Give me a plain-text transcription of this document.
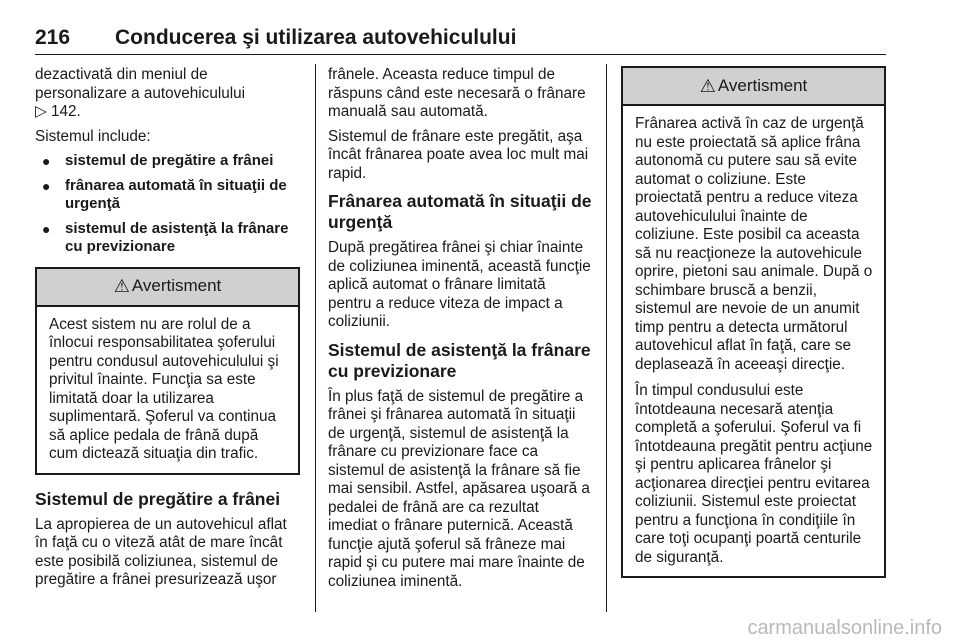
216 Conducerea şi utilizarea autovehiculului

dezactivată din meniul de personalizare a autovehiculului
▷ 142.

Sistemul include:

● sistemul de pregătire a frânei
● frânarea automată în situaţii de urgenţă
● sistemul de asistenţă la frânare cu previzionare
⚠ Avertisment

Acest sistem nu are rolul de a înlocui responsabilitatea şoferului pentru condusul autovehiculului şi privitul înainte. Funcţia sa este limitată doar la utilizarea suplimentară. Şoferul va continua să aplice pedala de frână după cum dictează situaţia din trafic.

Sistemul de pregătire a frânei

La apropierea de un autovehicul aflat în faţă cu o viteză atât de mare încât este posibilă coliziunea, sistemul de pregătire a frânei presurizează uşor

frânele. Aceasta reduce timpul de răspuns când este necesară o frânare manuală sau automată.

Sistemul de frânare este pregătit, aşa încât frânarea poate avea loc mult mai rapid.

Frânarea automată în situaţii de urgenţă

După pregătirea frânei şi chiar înainte de coliziunea iminentă, această funcţie aplică automat o frânare limitată pentru a reduce viteza de impact a coliziunii.

Sistemul de asistenţă la frânare cu previzionare

În plus faţă de sistemul de pregătire a frânei şi frânarea automată în situaţii de urgenţă, sistemul de asistenţă la frânare cu previzionare face ca sistemul de asistenţă la frânare să fie mai sensibil. Astfel, apăsarea uşoară a pedalei de frână are ca rezultat imediat o frânare puternică. Această funcţie ajută şoferul să frâneze mai rapid şi cu putere mai mare înainte de coliziunea iminentă.

⚠ Avertisment

Frânarea activă în caz de urgenţă nu este proiectată să aplice frâna autonomă cu putere sau să evite automat o coliziune. Este proiectată pentru a reduce viteza autovehiculului înainte de coliziune. Este posibil ca aceasta să nu reacţioneze la autovehicule oprire, pietoni sau animale. După o schimbare bruscă a benzii, sistemul are nevoie de un anumit timp pentru a detecta următorul autovehicul aflat în faţă, care se deplasează în aceeaşi direcţie.

În timpul condusului este întotdeauna necesară atenţia completă a şoferului. Şoferul va fi întotdeauna pregătit pentru acţiune şi pentru aplicarea frânelor şi acţionarea direcţiei pentru evitarea coliziunii. Sistemul este proiectat pentru a funcţiona în condiţiile în care toţi ocupanţi poartă centurile de siguranţă.

carmanualsonline.info
